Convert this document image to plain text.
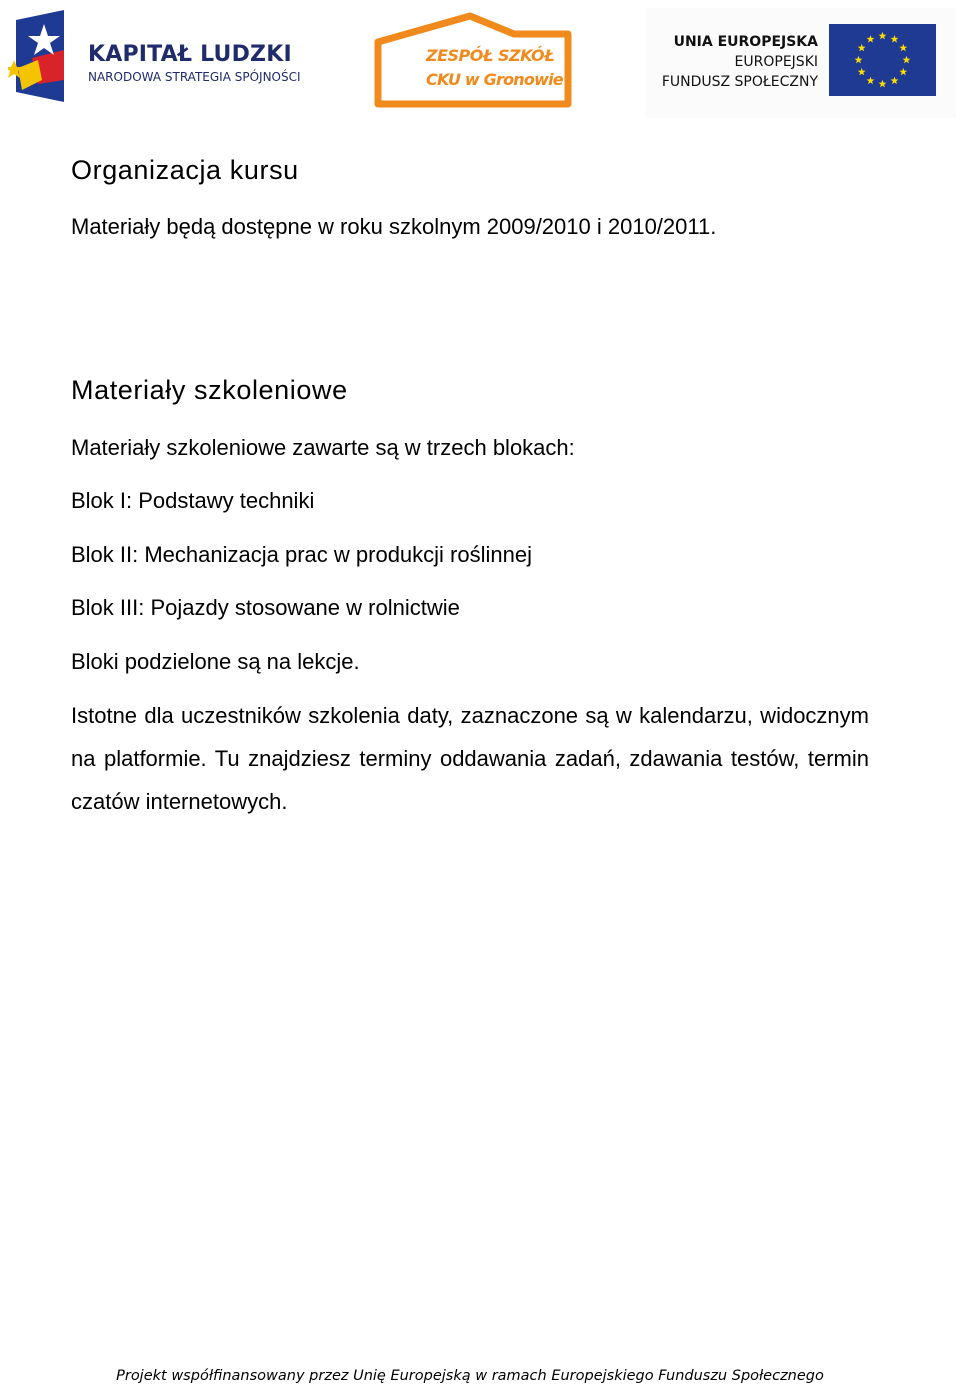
KAPITAŁ LUDZKI
NARODOWA STRATEGIA SPÓJNOŚCI
ZESPÓŁ SZKÓŁ
CKU w Gronowie
UNIA EUROPEJSKA
EUROPEJSKI
FUNDUSZ SPOŁECZNY
Organizacja kursu

Materiały będą dostępne w roku szkolnym 2009/2010 i 2010/2011.

Materiały szkoleniowe

Materiały szkoleniowe zawarte są w trzech blokach:

Blok I: Podstawy techniki

Blok II: Mechanizacja prac w produkcji roślinnej

Blok III: Pojazdy stosowane w rolnictwie

Bloki podzielone są na lekcje.

Istotne dla uczestników szkolenia daty, zaznaczone są w kalendarzu, widocznym na platformie. Tu znajdziesz terminy oddawania zadań, zdawania testów, termin czatów internetowych.

Projekt współfinansowany przez Unię Europejską w ramach Europejskiego Funduszu Społecznego
